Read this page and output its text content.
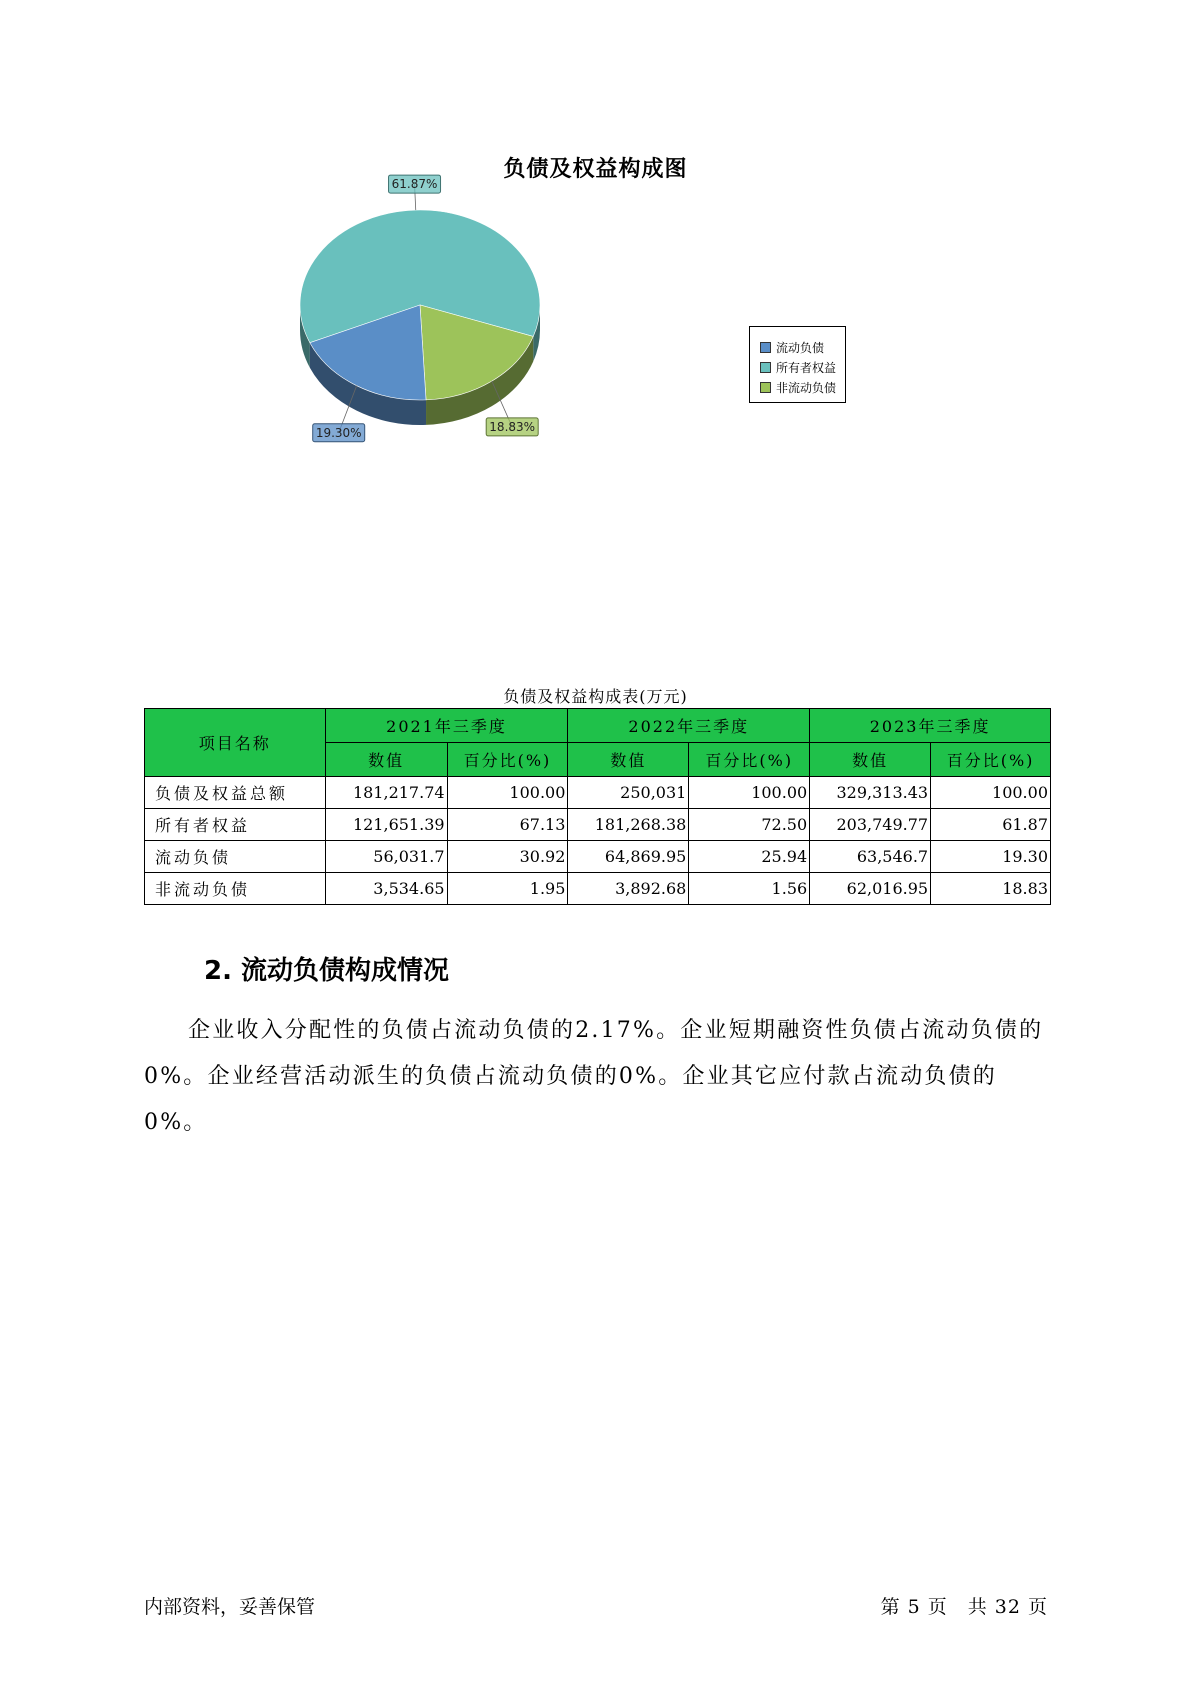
负债及权益构成图
61.87%
18.83%
19.30%
流动负债
所有者权益
非流动负债
负债及权益构成表(万元)
项目名称	2021年三季度		2022年三季度		2023年三季度	
	数值	百分比(%)	数值	百分比(%)	数值	百分比(%)
负债及权益总额	181,217.74	100.00	250,031	100.00	329,313.43	100.00
所有者权益	121,651.39	67.13	181,268.38	72.50	203,749.77	61.87
流动负债	56,031.7	30.92	64,869.95	25.94	63,546.7	19.30
非流动负债	3,534.65	1.95	3,892.68	1.56	62,016.95	18.83
2. 流动负债构成情况

企业收入分配性的负债占流动负债的2.17%。企业短期融资性负债占流动负债的0%。企业经营活动派生的负债占流动负债的0%。企业其它应付款占流动负债的0%。

内部资料，妥善保管	第 5 页　共 32 页
